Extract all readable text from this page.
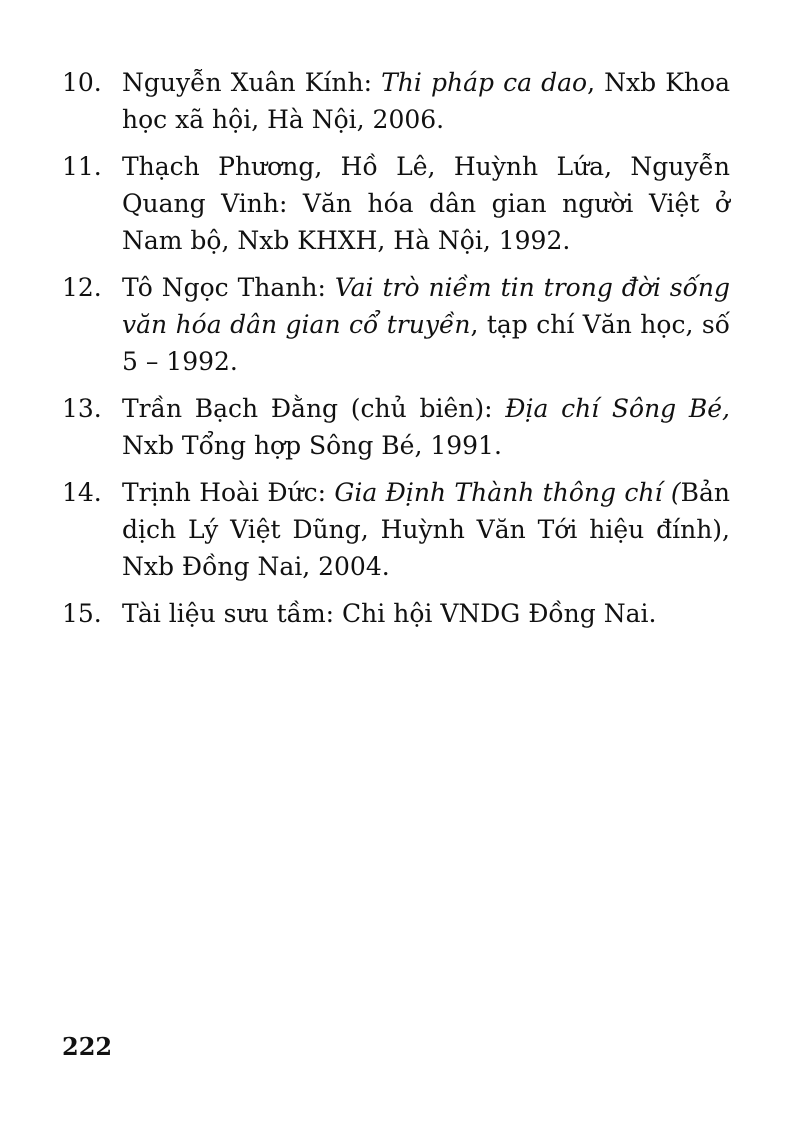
10. Nguyễn Xuân Kính: Thi pháp ca dao, Nxb Khoa học xã hội, Hà Nội, 2006.
11. Thạch Phương, Hồ Lê, Huỳnh Lứa, Nguyễn Quang Vinh: Văn hóa dân gian người Việt ở Nam bộ, Nxb KHXH, Hà Nội, 1992.
12. Tô Ngọc Thanh: Vai trò niềm tin trong đời sống văn hóa dân gian cổ truyền, tạp chí Văn học, số 5 – 1992.
13. Trần Bạch Đằng (chủ biên): Địa chí Sông Bé, Nxb Tổng hợp Sông Bé, 1991.
14. Trịnh Hoài Đức: Gia Định Thành thông chí (Bản dịch Lý Việt Dũng, Huỳnh Văn Tới hiệu đính), Nxb Đồng Nai, 2004.
15. Tài liệu sưu tầm: Chi hội VNDG Đồng Nai.
222
